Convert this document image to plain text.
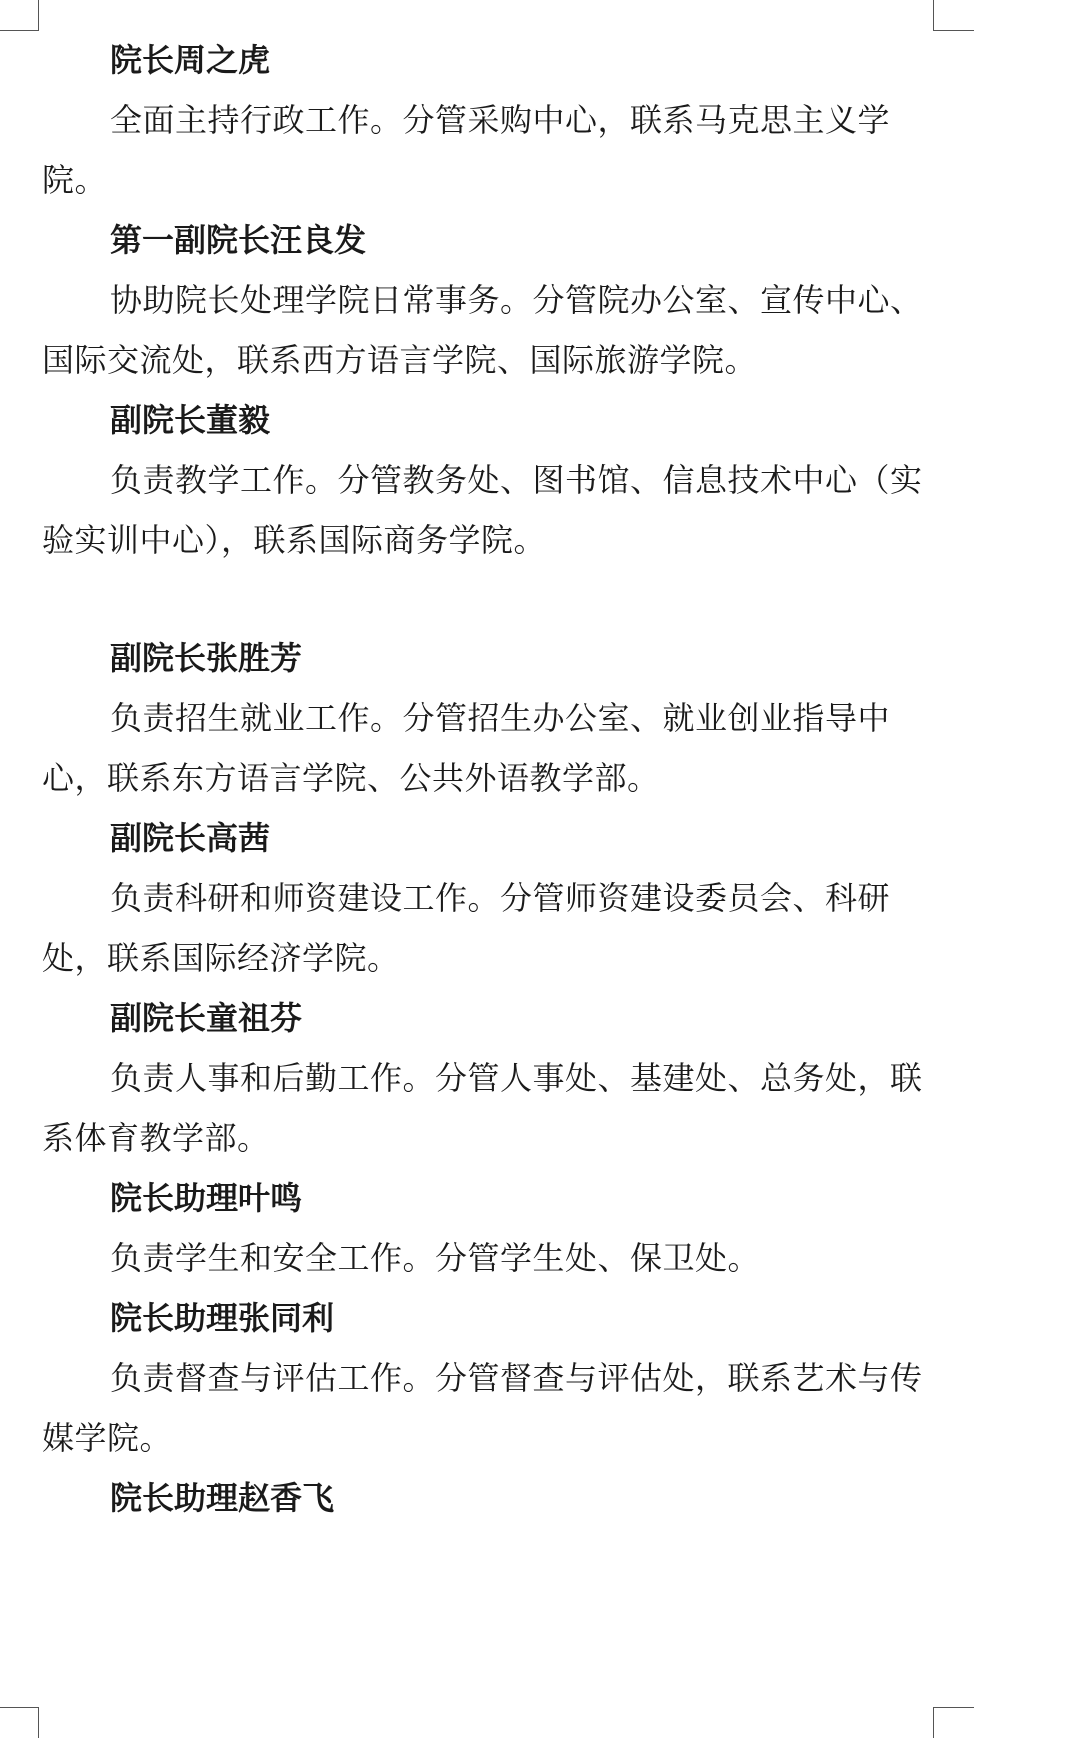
院长周之虎

全面主持行政工作。分管采购中心，联系马克思主义学院。

第一副院长汪良发

协助院长处理学院日常事务。分管院办公室、宣传中心、国际交流处，联系西方语言学院、国际旅游学院。

副院长董毅

负责教学工作。分管教务处、图书馆、信息技术中心（实验实训中心），联系国际商务学院。

副院长张胜芳

负责招生就业工作。分管招生办公室、就业创业指导中心，联系东方语言学院、公共外语教学部。

副院长高茜

负责科研和师资建设工作。分管师资建设委员会、科研处，联系国际经济学院。

副院长童祖芬

负责人事和后勤工作。分管人事处、基建处、总务处，联系体育教学部。

院长助理叶鸣

负责学生和安全工作。分管学生处、保卫处。

院长助理张同利

负责督查与评估工作。分管督查与评估处，联系艺术与传媒学院。

院长助理赵香飞
